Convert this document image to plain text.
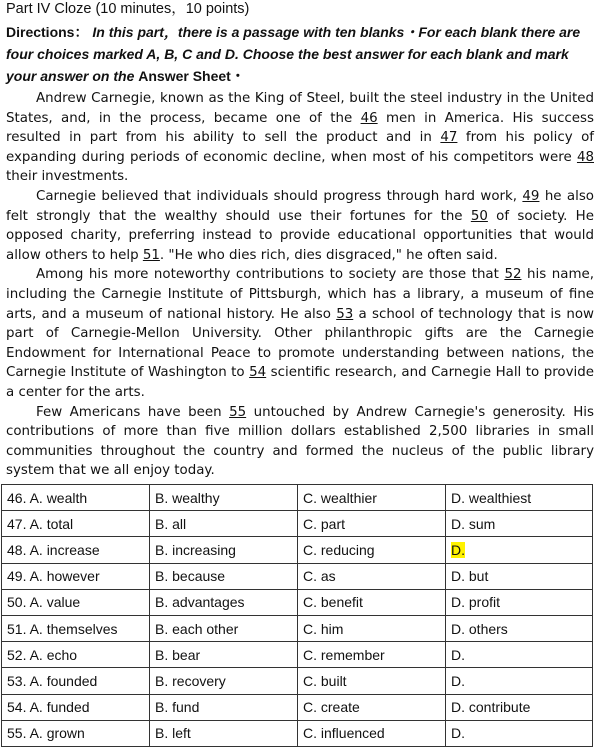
Part IV Cloze (10 minutes，10 points)
Directions： In this part，there is a passage with ten blanks・For each blank there are four choices marked A, B, C and D. Choose the best answer for each blank and mark your answer on the Answer Sheet・

Andrew Carnegie, known as the King of Steel, built the steel industry in the United States, and, in the process, became one of the 46 men in America. His success resulted in part from his ability to sell the product and in 47 from his policy of expanding during periods of economic decline, when most of his competitors were 48 their investments.

Carnegie believed that individuals should progress through hard work, 49 he also felt strongly that the wealthy should use their fortunes for the 50 of society. He opposed charity, preferring instead to provide educational opportunities that would allow others to help 51. "He who dies rich, dies disgraced," he often said.

Among his more noteworthy contributions to society are those that 52 his name, including the Carnegie Institute of Pittsburgh, which has a library, a museum of fine arts, and a museum of national history. He also 53 a school of technology that is now part of Carnegie-Mellon University. Other philanthropic gifts are the Carnegie Endowment for International Peace to promote understanding between nations, the Carnegie Institute of Washington to 54 scientific research, and Carnegie Hall to provide a center for the arts.

Few Americans have been 55 untouched by Andrew Carnegie's generosity. His contributions of more than five million dollars established 2,500 libraries in small communities throughout the country and formed the nucleus of the public library system that we all enjoy today.

46. A. wealth	B. wealthy	C. wealthier	D. wealthiest
47. A. total	B. all	C. part	D. sum
48. A. increase	B. increasing	C. reducing	D.
49. A. however	B. because	C. as	D. but
50. A. value	B. advantages	C. benefit	D. profit
51. A. themselves	B. each other	C. him	D. others
52. A. echo	B. bear	C. remember	D.
53. A. founded	B. recovery	C. built	D.
54. A. funded	B. fund	C. create	D. contribute
55. A. grown	B. left	C. influenced	D.
